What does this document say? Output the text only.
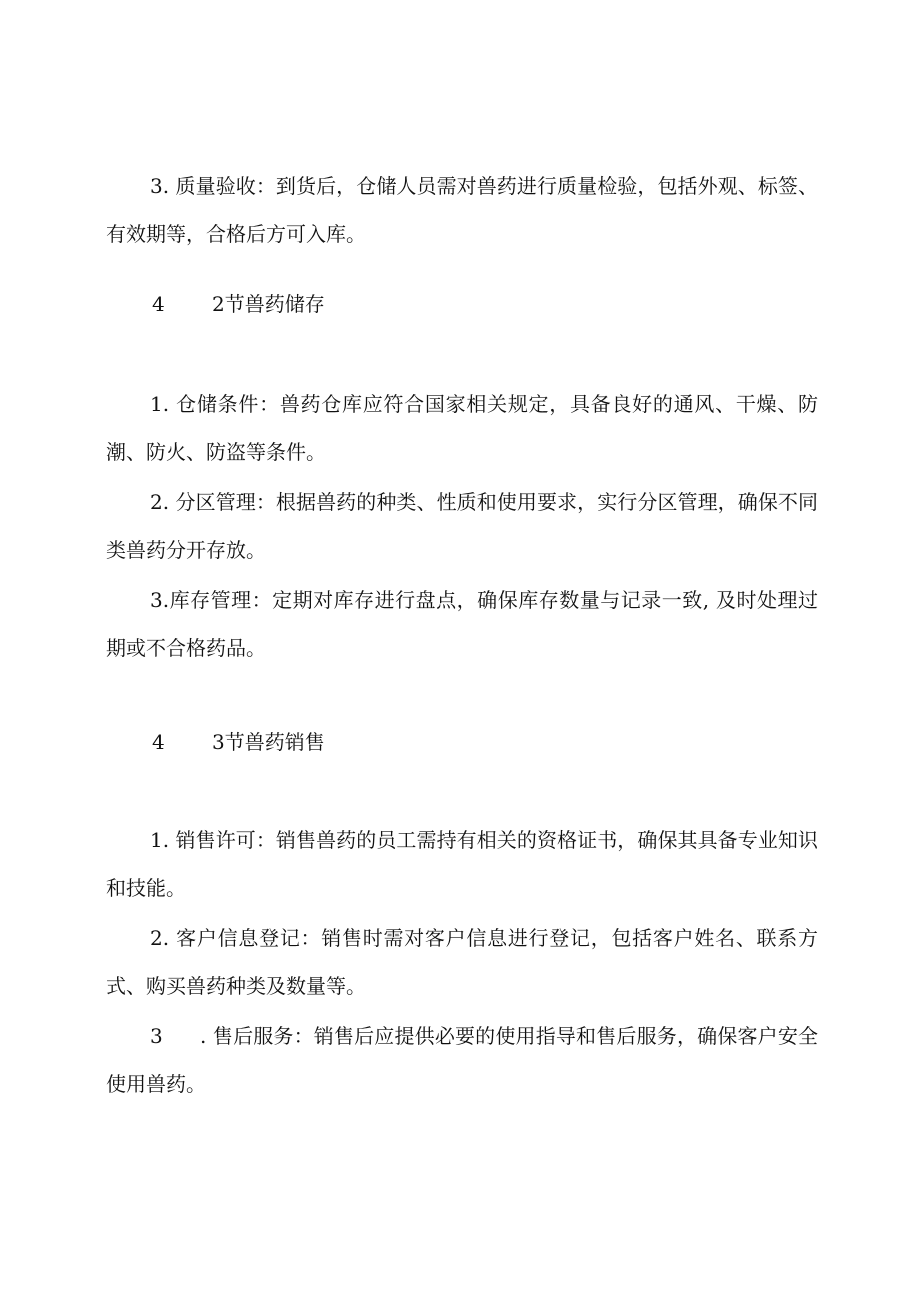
3. 质量验收：到货后，仓储人员需对兽药进行质量检验，包括外观、标签、有效期等，合格后方可入库。

4 2节兽药储存

1. 仓储条件：兽药仓库应符合国家相关规定，具备良好的通风、干燥、防潮、防火、防盗等条件。

2. 分区管理：根据兽药的种类、性质和使用要求，实行分区管理，确保不同类兽药分开存放。

3.库存管理：定期对库存进行盘点，确保库存数量与记录一致, 及时处理过期或不合格药品。

4 3节兽药销售

1. 销售许可：销售兽药的员工需持有相关的资格证书，确保其具备专业知识和技能。

2. 客户信息登记：销售时需对客户信息进行登记，包括客户姓名、联系方式、购买兽药种类及数量等。

3 . 售后服务：销售后应提供必要的使用指导和售后服务，确保客户安全使用兽药。
